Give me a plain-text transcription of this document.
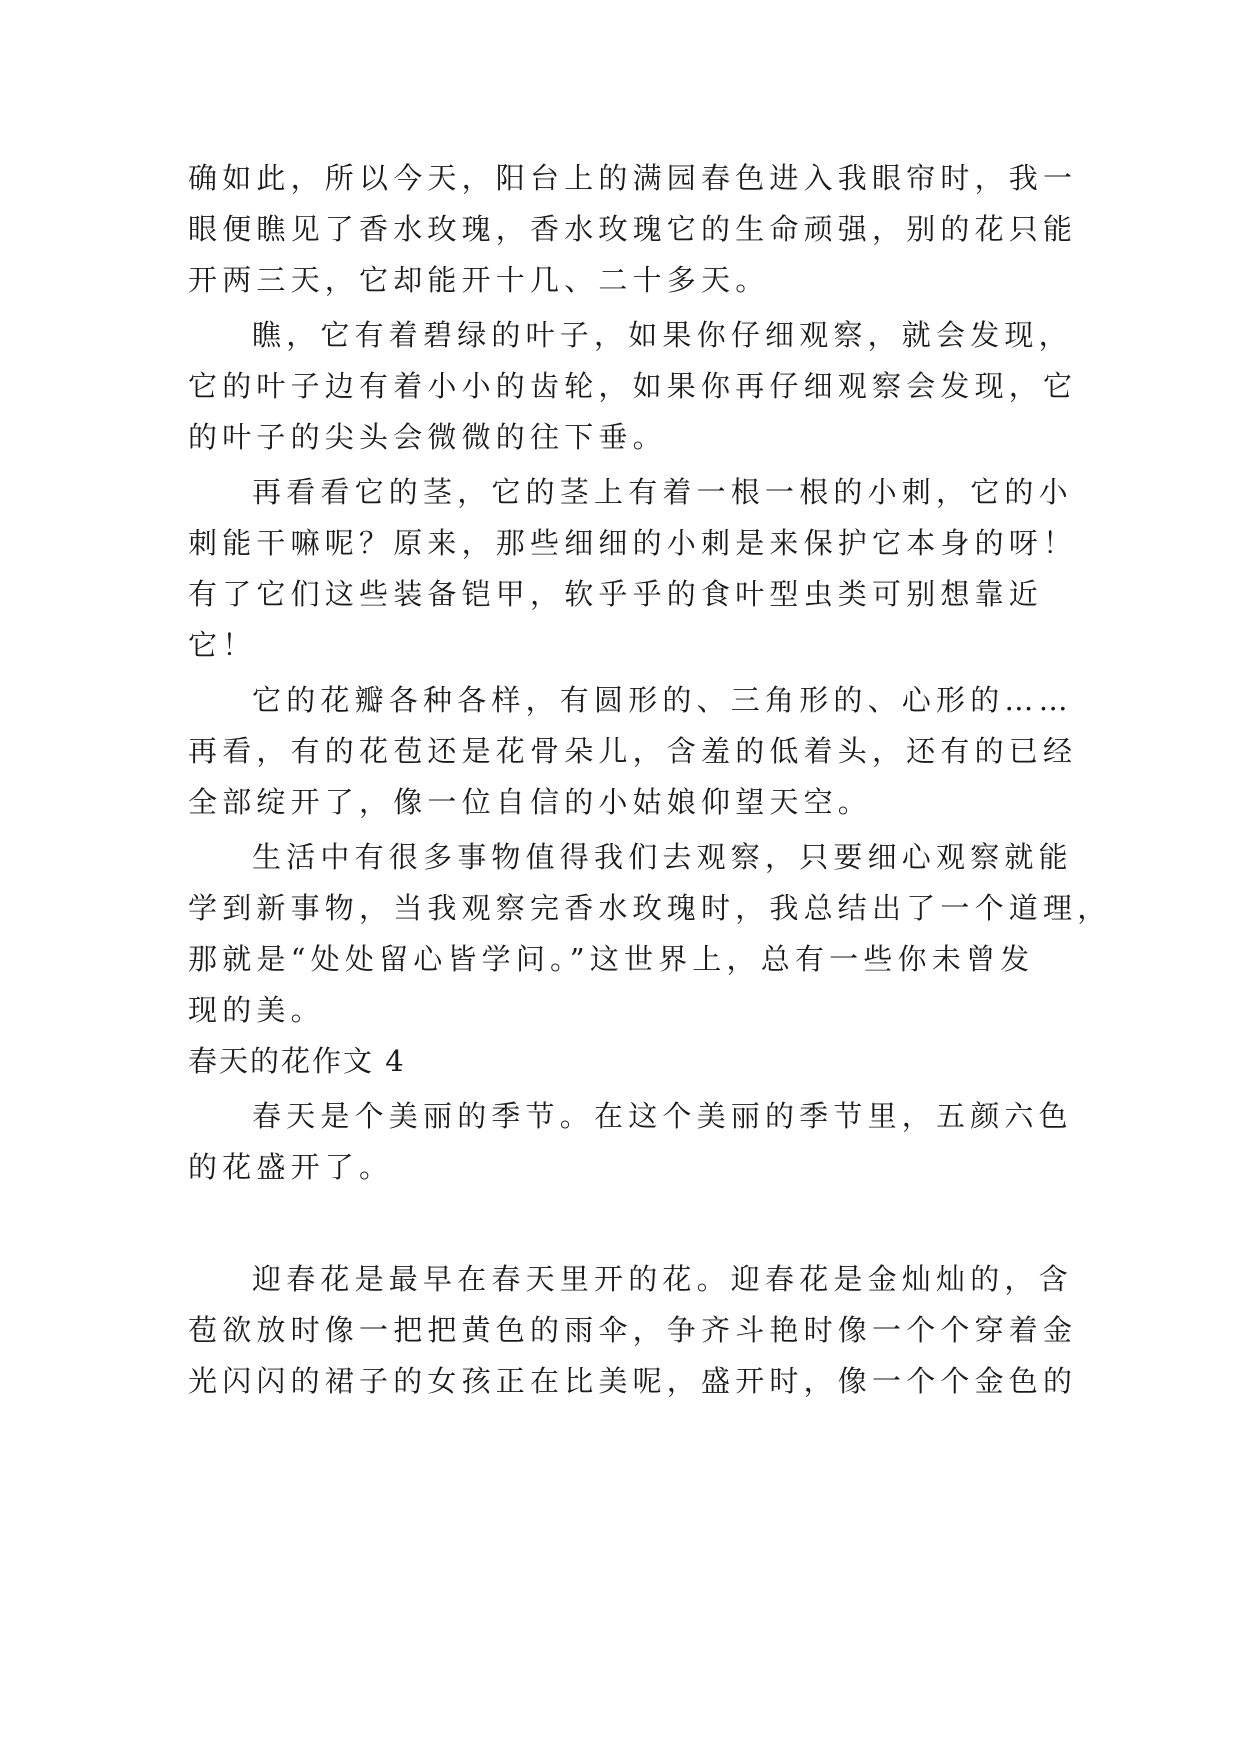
确如此，所以今天，阳台上的满园春色进入我眼帘时，我一
眼便瞧见了香水玫瑰，香水玫瑰它的生命顽强，别的花只能
开两三天，它却能开十几、二十多天。
瞧，它有着碧绿的叶子，如果你仔细观察，就会发现，
它的叶子边有着小小的齿轮，如果你再仔细观察会发现，它
的叶子的尖头会微微的往下垂。
再看看它的茎，它的茎上有着一根一根的小刺，它的小
刺能干嘛呢？原来，那些细细的小刺是来保护它本身的呀！
有了它们这些装备铠甲，软乎乎的食叶型虫类可别想靠近
它！
它的花瓣各种各样，有圆形的、三角形的、心形的……
再看，有的花苞还是花骨朵儿，含羞的低着头，还有的已经
全部绽开了，像一位自信的小姑娘仰望天空。
生活中有很多事物值得我们去观察，只要细心观察就能
学到新事物，当我观察完香水玫瑰时，我总结出了一个道理，
那就是“处处留心皆学问。”这世界上，总有一些你未曾发
现的美。
春天的花作文 4
春天是个美丽的季节。在这个美丽的季节里，五颜六色
的花盛开了。
迎春花是最早在春天里开的花。迎春花是金灿灿的，含
苞欲放时像一把把黄色的雨伞，争齐斗艳时像一个个穿着金
光闪闪的裙子的女孩正在比美呢，盛开时，像一个个金色的
